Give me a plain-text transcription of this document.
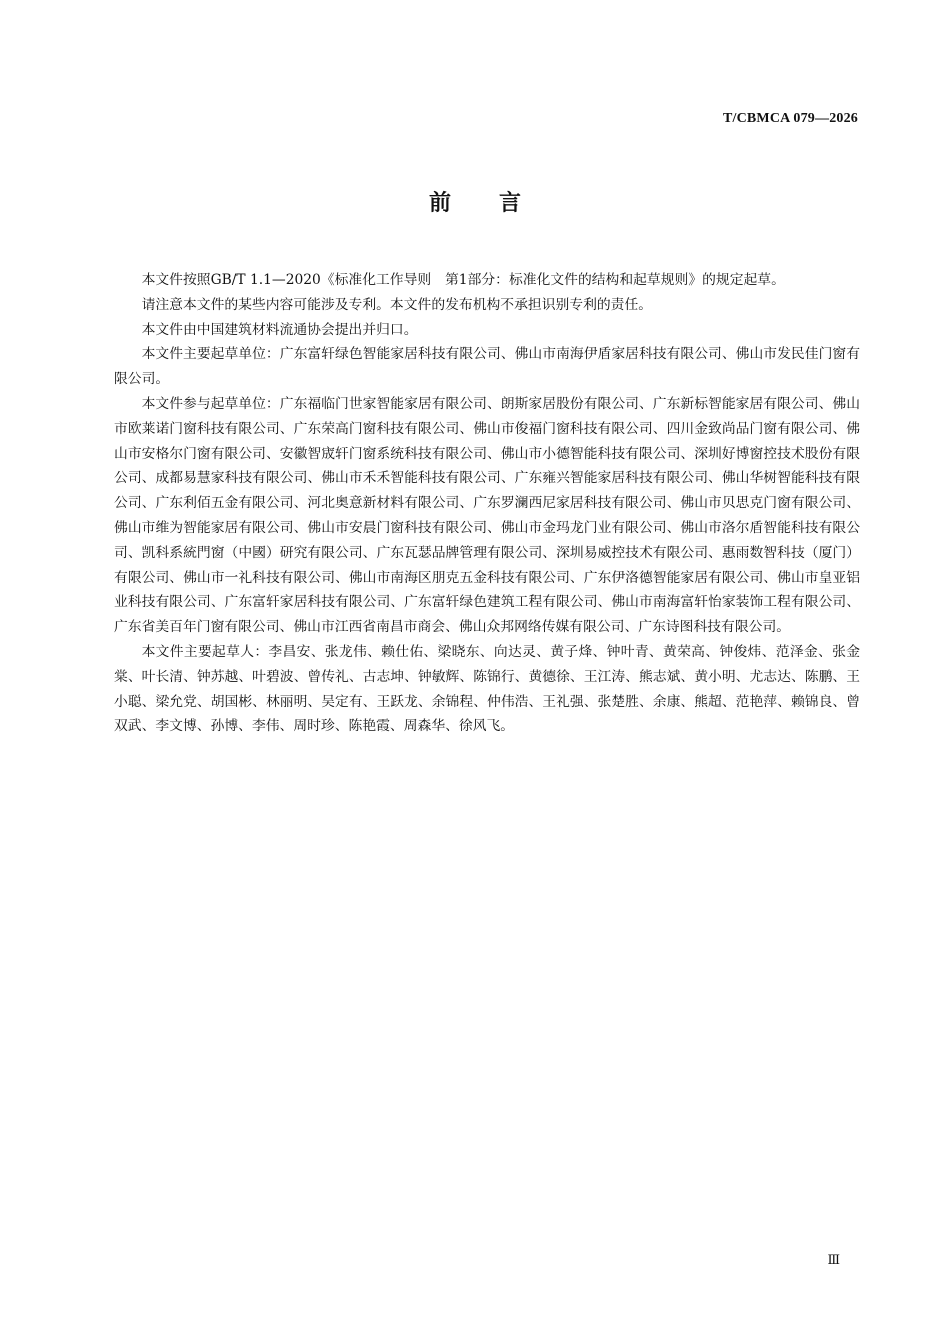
T/CBMCA 079—2026
前言

本文件按照GB/T 1.1—2020《标准化工作导则　第1部分：标准化文件的结构和起草规则》的规定起草。

请注意本文件的某些内容可能涉及专利。本文件的发布机构不承担识别专利的责任。

本文件由中国建筑材料流通协会提出并归口。

本文件主要起草单位：广东富轩绿色智能家居科技有限公司、佛山市南海伊盾家居科技有限公司、佛山市发民佳门窗有限公司。

本文件参与起草单位：广东福临门世家智能家居有限公司、朗斯家居股份有限公司、广东新标智能家居有限公司、佛山市欧莱诺门窗科技有限公司、广东荣高门窗科技有限公司、佛山市俊福门窗科技有限公司、四川金致尚品门窗有限公司、佛山市安格尔门窗有限公司、安徽智宬轩门窗系统科技有限公司、佛山市小德智能科技有限公司、深圳好博窗控技术股份有限公司、成都易慧家科技有限公司、佛山市禾禾智能科技有限公司、广东雍兴智能家居科技有限公司、佛山华树智能科技有限公司、广东利佰五金有限公司、河北奥意新材料有限公司、广东罗澜西尼家居科技有限公司、佛山市贝思克门窗有限公司、佛山市维为智能家居有限公司、佛山市安晨门窗科技有限公司、佛山市金玛龙门业有限公司、佛山市洛尔盾智能科技有限公司、凯科系統門窗（中國）研究有限公司、广东瓦瑟品牌管理有限公司、深圳易威控技术有限公司、惠雨数智科技（厦门）有限公司、佛山市一礼科技有限公司、佛山市南海区朋克五金科技有限公司、广东伊洛德智能家居有限公司、佛山市皇亚铝业科技有限公司、广东富轩家居科技有限公司、广东富轩绿色建筑工程有限公司、佛山市南海富轩怡家装饰工程有限公司、广东省美百年门窗有限公司、佛山市江西省南昌市商会、佛山众邦网络传媒有限公司、广东诗图科技有限公司。

本文件主要起草人：李昌安、张龙伟、赖仕佑、梁晓东、向达灵、黄子烽、钟叶青、黄荣高、钟俊炜、范泽金、张金棠、叶长清、钟苏越、叶碧波、曾传礼、古志坤、钟敏辉、陈锦行、黄德徐、王江涛、熊志斌、黄小明、尤志达、陈鹏、王小聪、梁允党、胡国彬、林丽明、吴定有、王跃龙、余锦程、仲伟浩、王礼强、张楚胜、余康、熊超、范艳萍、赖锦良、曾双武、李文博、孙博、李伟、周时珍、陈艳霞、周森华、徐风飞。

Ⅲ
